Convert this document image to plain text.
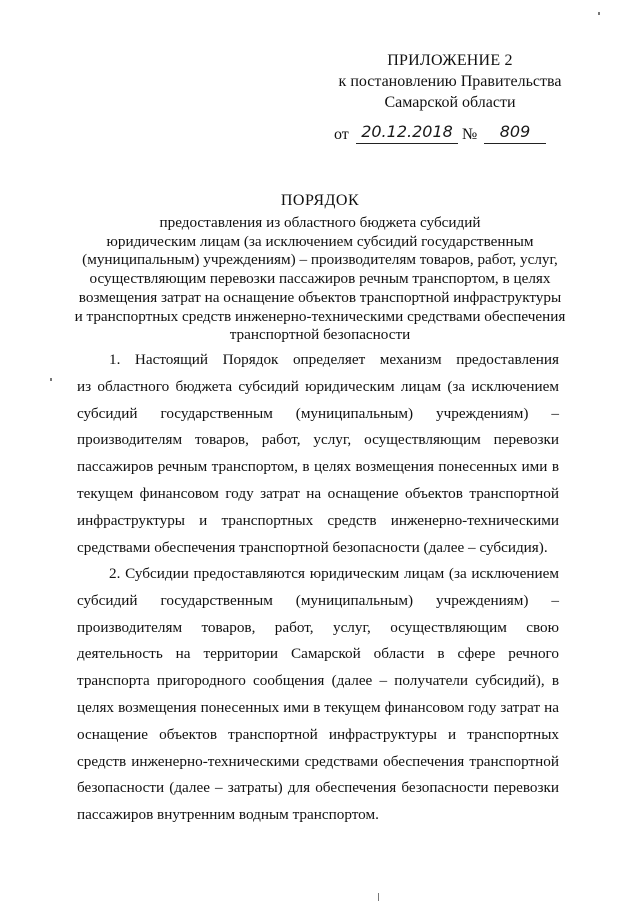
ПРИЛОЖЕНИЕ 2
к постановлению Правительства
Самарской области
от 20.12.2018 №	809
ПОРЯДОК
предоставления из областного бюджета субсидий
юридическим лицам (за исключением субсидий государственным
(муниципальным) учреждениям) – производителям товаров, работ, услуг,
осуществляющим перевозки пассажиров речным транспортом, в целях
возмещения затрат на оснащение объектов транспортной инфраструктуры
и транспортных средств инженерно-техническими средствами обеспечения
транспортной безопасности
1. Настоящий Порядок определяет механизм предоставления
из областного бюджета субсидий юридическим лицам (за исключением
субсидий государственным (муниципальным) учреждениям) –
производителям товаров, работ, услуг, осуществляющим перевозки
пассажиров речным транспортом, в целях возмещения понесенных ими в
текущем финансовом году затрат на оснащение объектов транспортной
инфраструктуры и транспортных средств инженерно-техническими
средствами обеспечения транспортной безопасности (далее – субсидия).
2. Субсидии предоставляются юридическим лицам (за исключением
субсидий государственным (муниципальным) учреждениям) –
производителям товаров, работ, услуг, осуществляющим свою
деятельность на территории Самарской области в сфере речного
транспорта пригородного сообщения (далее – получатели субсидий), в
целях возмещения понесенных ими в текущем финансовом году затрат на
оснащение объектов транспортной инфраструктуры и транспортных
средств инженерно-техническими средствами обеспечения транспортной
безопасности (далее – затраты) для обеспечения безопасности перевозки
пассажиров внутренним водным транспортом.
